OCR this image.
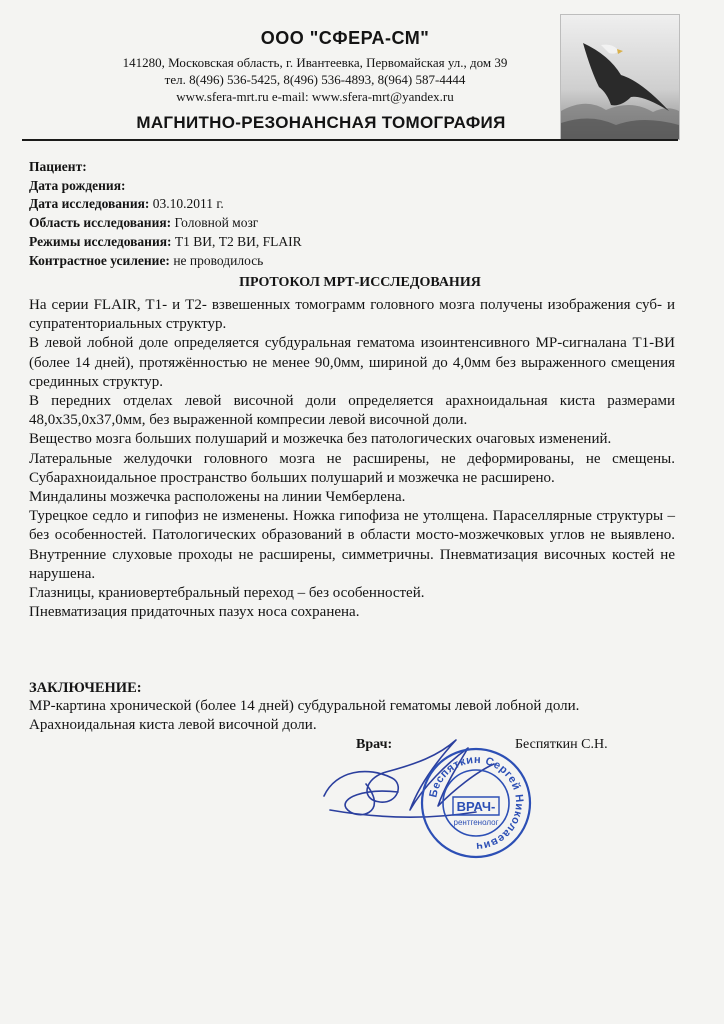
ООО "СФЕРА-СМ"
141280, Московская область, г. Ивантеевка, Первомайская ул., дом 39
тел. 8(496) 536-5425, 8(496) 536-4893, 8(964) 587-4444
www.sfera-mrt.ru e-mail: www.sfera-mrt@yandex.ru
МАГНИТНО-РЕЗОНАНСНАЯ ТОМОГРАФИЯ
Пациент:
Дата рождения:
Дата исследования: 03.10.2011 г.
Область исследования: Головной мозг
Режимы исследования: T1 ВИ, T2 ВИ, FLAIR
Контрастное усиление: не проводилось
ПРОТОКОЛ МРТ-ИССЛЕДОВАНИЯ

На серии FLAIR, T1- и T2- взвешенных томограмм головного мозга получены изображения суб- и супратенториальных структур.

В левой лобной доле определяется субдуральная гематома изоинтенсивного МР-сигналана Т1-ВИ (более 14 дней), протяжённостью не менее 90,0мм, шириной до 4,0мм без выраженного смещения срединных структур.

В передних отделах левой височной доли определяется арахноидальная киста размерами 48,0х35,0х37,0мм, без выраженной компресии левой височной доли.

Вещество мозга больших полушарий и мозжечка без патологических очаговых изменений.

Латеральные желудочки головного мозга не расширены, не деформированы, не смещены. Субарахноидальное пространство больших полушарий и мозжечка не расширено.

Миндалины мозжечка расположены на линии Чемберлена.

Турецкое седло и гипофиз не изменены. Ножка гипофиза не утолщена. Параселлярные структуры – без особенностей. Патологических образований в области мосто-мозжечковых углов не выявлено. Внутренние слуховые проходы не расширены, симметричны. Пневматизация височных костей не нарушена.

Глазницы, краниовертебральный переход – без особенностей.

Пневматизация придаточных пазух носа сохранена.

ЗАКЛЮЧЕНИЕ:

МР-картина хронической (более 14 дней) субдуральной гематомы левой лобной доли.

Арахноидальная киста левой височной доли.

Врач:	Беспяткин С.Н.
Беспяткин Сергей Николаевич
ВРАЧ-
рентгенолог
